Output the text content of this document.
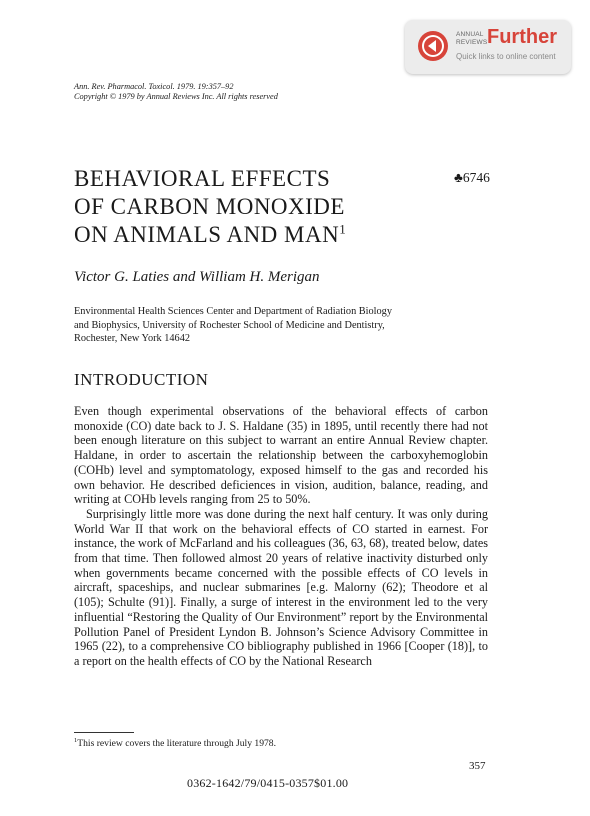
ANNUAL
REVIEWS Further
Quick links to online content
Ann. Rev. Pharmacol. Toxicol. 1979. 19:357–92
Copyright © 1979 by Annual Reviews Inc. All rights reserved
BEHAVIORAL EFFECTS
OF CARBON MONOXIDE
ON ANIMALS AND MAN$^1$
♣6746
Victor G. Laties and William H. Merigan
Environmental Health Sciences Center and Department of Radiation Biology
and Biophysics, University of Rochester School of Medicine and Dentistry,
Rochester, New York 14642
INTRODUCTION

Even though experimental observations of the behavioral effects of carbon monoxide (CO) date back to J. S. Haldane (35) in 1895, until recently there had not been enough literature on this subject to warrant an entire Annual Review chapter. Haldane, in order to ascertain the relationship between the carboxyhemoglobin (COHb) level and symptomatology, exposed himself to the gas and recorded his own behavior. He described deficiences in vision, audition, balance, reading, and writing at COHb levels ranging from 25 to 50%.

Surprisingly little more was done during the next half century. It was only during World War II that work on the behavioral effects of CO started in earnest. For instance, the work of McFarland and his colleagues (36, 63, 68), treated below, dates from that time. Then followed almost 20 years of relative inactivity disturbed only when governments became concerned with the possible effects of CO levels in aircraft, spaceships, and nuclear submarines [e.g. Malorny (62); Theodore et al (105); Schulte (91)]. Finally, a surge of interest in the environment led to the very influential “Restoring the Quality of Our Environment” report by the Environmental Pollution Panel of President Lyndon B. Johnson’s Science Advisory Committee in 1965 (22), to a comprehensive CO bibliography published in 1966 [Cooper (18)], to a report on the health effects of CO by the National Research

$^1$This review covers the literature through July 1978.
357
0362-1642/79/0415-0357$01.00
